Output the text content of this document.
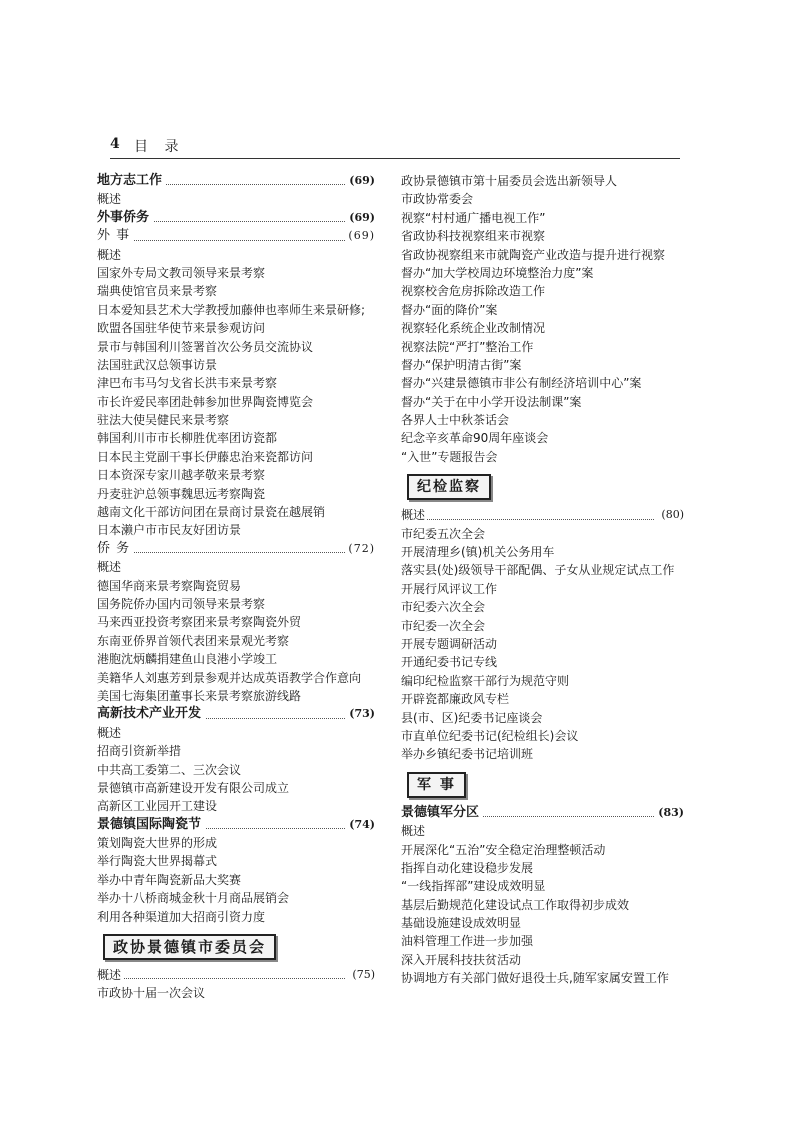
4 目 录
地方志工作	(69)
概述
外事侨务	(69)
外 事	(69)
概述
国家外专局文教司领导来景考察
瑞典使馆官员来景考察
日本爱知县艺术大学教授加藤伸也率师生来景研修;
欧盟各国驻华使节来景参观访问
景市与韩国利川签署首次公务员交流协议
法国驻武汉总领事访景
津巴布韦马匀戈省长洪韦来景考察
市长许爱民率团赴韩参加世界陶瓷博览会
驻法大使吴健民来景考察
韩国利川市市长柳胜优率团访瓷都
日本民主党副干事长伊藤忠治来瓷都访问
日本资深专家川越孝敬来景考察
丹麦驻沪总领事魏思远考察陶瓷
越南文化干部访问团在景商讨景瓷在越展销
日本濑户市市民友好团访景
侨 务	(72)
概述
德国华商来景考察陶瓷贸易
国务院侨办国内司领导来景考察
马来西亚投资考察团来景考察陶瓷外贸
东南亚侨界首领代表团来景观光考察
港胞沈炳麟捐建鱼山良港小学竣工
美籍华人刘惠芳到景参观并达成英语教学合作意向
美国七海集团董事长来景考察旅游线路
高新技术产业开发	(73)
概述
招商引资新举措
中共高工委第二、三次会议
景德镇市高新建设开发有限公司成立
高新区工业园开工建设
景德镇国际陶瓷节	(74)
策划陶瓷大世界的形成
举行陶瓷大世界揭幕式
举办中青年陶瓷新品大奖赛
举办十八桥商城金秋十月商品展销会
利用各种渠道加大招商引资力度
政协景德镇市委员会
概述	(75)
市政协十届一次会议
政协景德镇市第十届委员会选出新领导人
市政协常委会
视察“村村通广播电视工作”
省政协科技视察组来市视察
省政协视察组来市就陶瓷产业改造与提升进行视察
督办“加大学校周边环境整治力度”案
视察校舍危房拆除改造工作
督办“面的降价”案
视察轻化系统企业改制情况
视察法院“严打”整治工作
督办“保护明清古街”案
督办“兴建景德镇市非公有制经济培训中心”案
督办“关于在中小学开设法制课”案
各界人士中秋茶话会
纪念辛亥革命90周年座谈会
“入世”专题报告会
纪检监察
概述	(80)
市纪委五次全会
开展清理乡(镇)机关公务用车
落实县(处)级领导干部配偶、子女从业规定试点工作
开展行风评议工作
市纪委六次全会
市纪委一次全会
开展专题调研活动
开通纪委书记专线
编印纪检监察干部行为规范守则
开辟瓷都廉政风专栏
县(市、区)纪委书记座谈会
市直单位纪委书记(纪检组长)会议
举办乡镇纪委书记培训班
军 事
景德镇军分区	(83)
概述
开展深化“五治”安全稳定治理整顿活动
指挥自动化建设稳步发展
“一线指挥部”建设成效明显
基层后勤规范化建设试点工作取得初步成效
基础设施建设成效明显
油料管理工作进一步加强
深入开展科技扶贫活动
协调地方有关部门做好退役士兵,随军家属安置工作
